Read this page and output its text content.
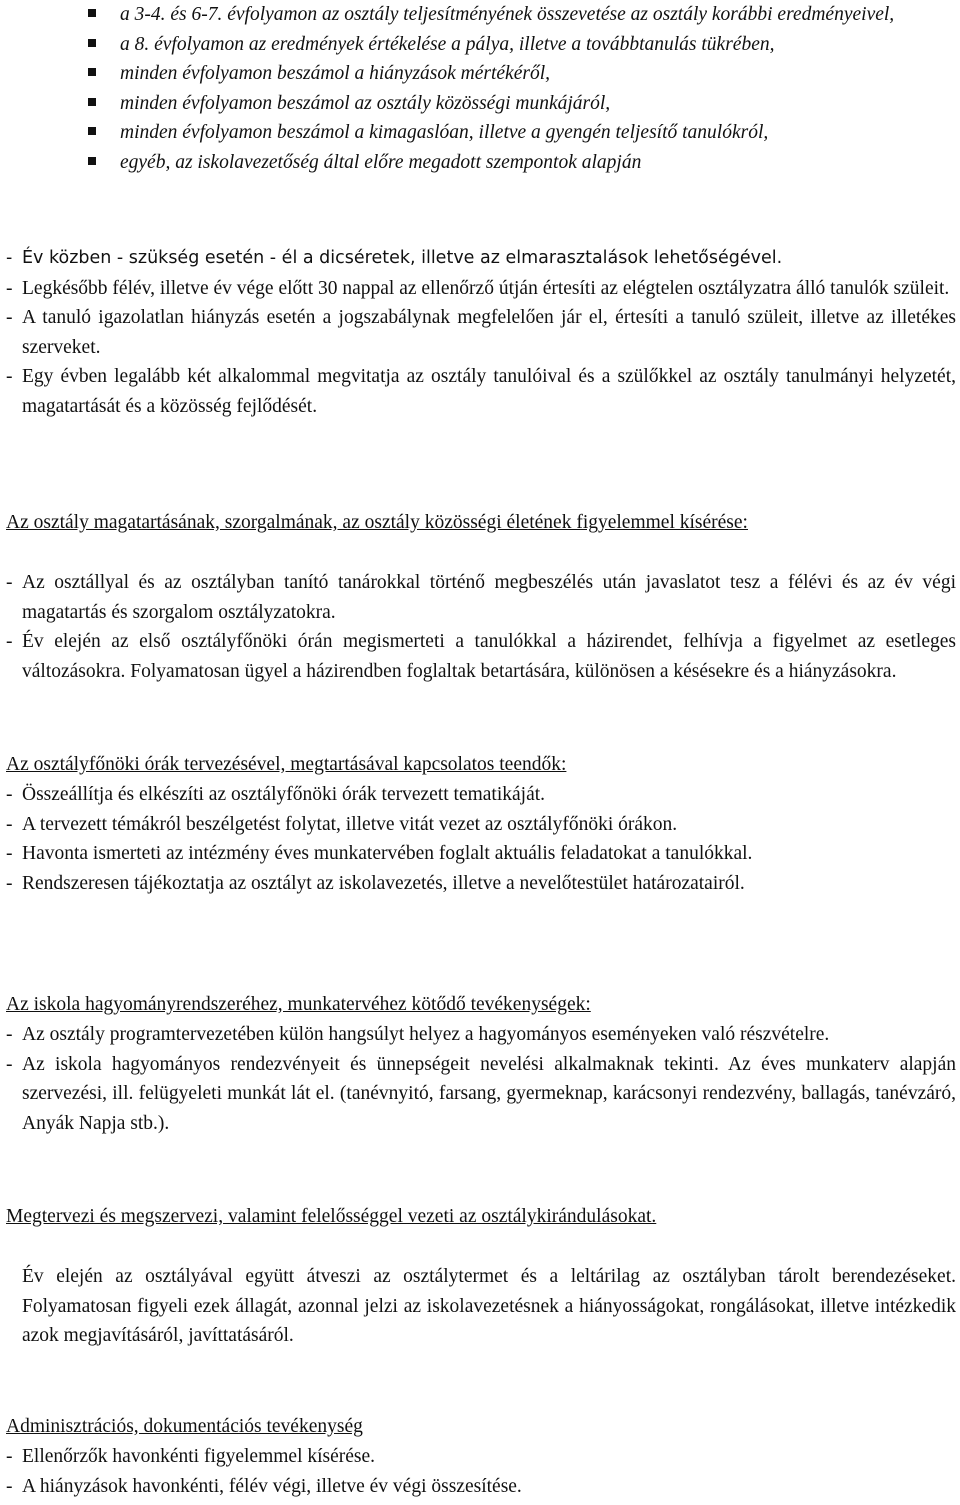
a 3-4. és 6-7. évfolyamon az osztály teljesítményének összevetése az osztály korábbi eredményeivel,
a 8. évfolyamon az eredmények értékelése a pálya, illetve a továbbtanulás tükrében,
minden évfolyamon beszámol a hiányzások mértékéről,
minden évfolyamon beszámol az osztály közösségi munkájáról,
minden évfolyamon beszámol a kimagaslóan, illetve a gyengén teljesítő tanulókról,
egyéb, az iskolavezetőség által előre megadott szempontok alapján
- Év közben - szükség esetén - él a dicséretek, illetve az elmarasztalások lehetőségével.
- Legkésőbb félév, illetve év vége előtt 30 nappal az ellenőrző útján értesíti az elégtelen osztályzatra álló tanulók szüleit.
- A tanuló igazolatlan hiányzás esetén a jogszabálynak megfelelően jár el, értesíti a tanuló szüleit, illetve az illetékes szerveket.
- Egy évben legalább két alkalommal megvitatja az osztály tanulóival és a szülőkkel az osztály tanulmányi helyzetét, magatartását és a közösség fejlődését.
Az osztály magatartásának, szorgalmának, az osztály közösségi életének figyelemmel kísérése:
- Az osztállyal és az osztályban tanító tanárokkal történő megbeszélés után javaslatot tesz a félévi és az év végi magatartás és szorgalom osztályzatokra.
- Év elején az első osztályfőnöki órán megismerteti a tanulókkal a házirendet, felhívja a figyelmet az esetleges változásokra. Folyamatosan ügyel a házirendben foglaltak betartására, különösen a késésekre és a hiányzásokra.
Az osztályfőnöki órák tervezésével, megtartásával kapcsolatos teendők:
- Összeállítja és elkészíti az osztályfőnöki órák tervezett tematikáját.
- A tervezett témákról beszélgetést folytat, illetve vitát vezet az osztályfőnöki órákon.
- Havonta ismerteti az intézmény éves munkatervében foglalt aktuális feladatokat a tanulókkal.
- Rendszeresen tájékoztatja az osztályt az iskolavezetés, illetve a nevelőtestület határozatairól.
Az iskola hagyományrendszeréhez, munkatervéhez kötődő tevékenységek:
- Az osztály programtervezetében külön hangsúlyt helyez a hagyományos eseményeken való részvételre.
- Az iskola hagyományos rendezvényeit és ünnepségeit nevelési alkalmaknak tekinti. Az éves munkaterv alapján szervezési, ill. felügyeleti munkát lát el. (tanévnyitó, farsang, gyermeknap, karácsonyi rendezvény, ballagás, tanévzáró, Anyák Napja stb.).
Megtervezi és megszervezi, valamint felelősséggel vezeti az osztálykirándulásokat.
Év elején az osztályával együtt átveszi az osztálytermet és a leltárilag az osztályban tárolt berendezéseket. Folyamatosan figyeli ezek állagát, azonnal jelzi az iskolavezetésnek a hiányosságokat, rongálásokat, illetve intézkedik azok megjavításáról, javíttatásáról.
Adminisztrációs, dokumentációs tevékenység
- Ellenőrzők havonkénti figyelemmel kísérése.
- A hiányzások havonkénti, félév végi, illetve év végi összesítése.
